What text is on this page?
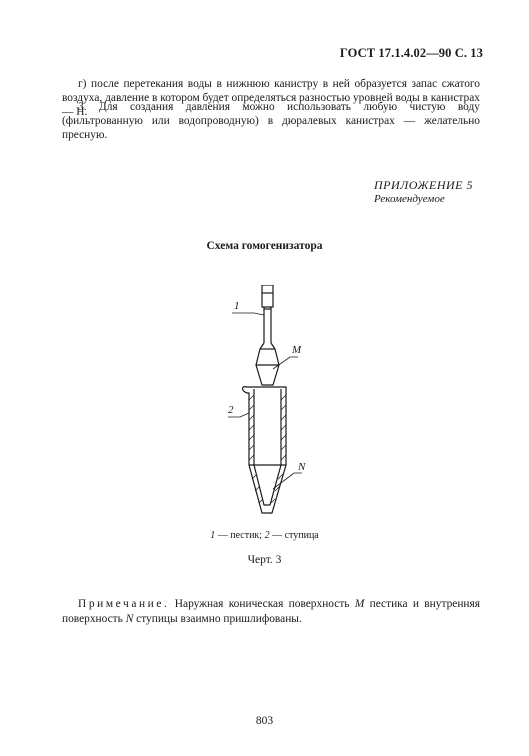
ГОСТ 17.1.4.02—90 С. 13
г) после перетекания воды в нижнюю канистру в ней образуется запас сжатого воздуха, давление в котором будет определяться разностью уровней воды в канистрах — Н.
3. Для создания давления можно использовать любую чистую воду (фильтрованную или водопроводную) в дюралевых канистрах — желательно пресную.
ПРИЛОЖЕНИЕ 5
Рекомендуемое
Схема гомогенизатора
1
M
2
N
1 — пестик; 2 — ступица
Черт. 3
Примечание. Наружная коническая поверхность M пестика и внутренняя поверхность N ступицы взаимно пришлифованы.
803
